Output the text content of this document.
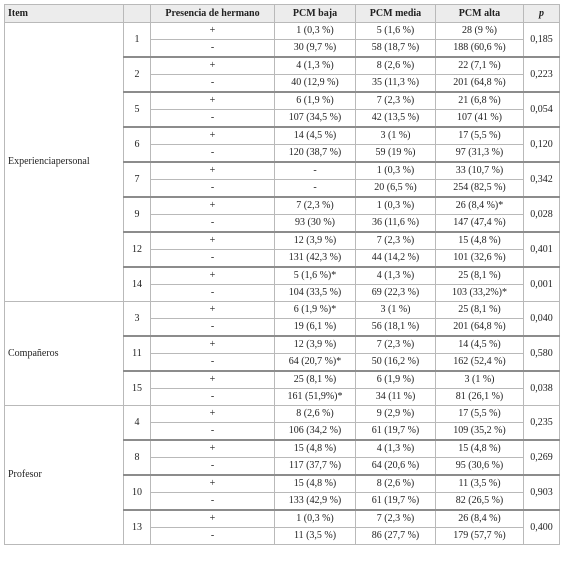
Item		Presencia de hermano	PCM baja	PCM media	PCM alta	p
Experienciapersonal	1	+	1 (0,3 %)	5 (1,6 %)	28 (9 %)	0,185
		-	30 (9,7 %)	58 (18,7 %)	188 (60,6 %)	
	2	+	4 (1,3 %)	8 (2,6 %)	22 (7,1 %)	0,223
		-	40 (12,9 %)	35 (11,3 %)	201 (64,8 %)	
	5	+	6 (1,9 %)	7 (2,3 %)	21 (6,8 %)	0,054
		-	107 (34,5 %)	42 (13,5 %)	107 (41 %)	
	6	+	14 (4,5 %)	3 (1 %)	17 (5,5 %)	0,120
		-	120 (38,7 %)	59 (19 %)	97 (31,3 %)	
	7	+	-	1 (0,3 %)	33 (10,7 %)	0,342
		-	-	20 (6,5 %)	254 (82,5 %)	
	9	+	7 (2,3 %)	1 (0,3 %)	26 (8,4 %)*	0,028
		-	93 (30 %)	36 (11,6 %)	147 (47,4 %)	
	12	+	12 (3,9 %)	7 (2,3 %)	15 (4,8 %)	0,401
		-	131 (42,3 %)	44 (14,2 %)	101 (32,6 %)	
	14	+	5 (1,6 %)*	4 (1,3 %)	25 (8,1 %)	0,001
		-	104 (33,5 %)	69 (22,3 %)	103 (33,2%)*	
Compañeros	3	+	6 (1,9 %)*	3 (1 %)	25 (8,1 %)	0,040
		-	19 (6,1 %)	56 (18,1 %)	201 (64,8 %)	
	11	+	12 (3,9 %)	7 (2,3 %)	14 (4,5 %)	0,580
		-	64 (20,7 %)*	50 (16,2 %)	162 (52,4 %)	
	15	+	25 (8,1 %)	6 (1,9 %)	3 (1 %)	0,038
		-	161 (51,9%)*	34 (11 %)	81 (26,1 %)	
Profesor	4	+	8 (2,6 %)	9 (2,9 %)	17 (5,5 %)	0,235
		-	106 (34,2 %)	61 (19,7 %)	109 (35,2 %)	
	8	+	15 (4,8 %)	4 (1,3 %)	15 (4,8 %)	0,269
		-	117 (37,7 %)	64 (20,6 %)	95 (30,6 %)	
	10	+	15 (4,8 %)	8 (2,6 %)	11 (3,5 %)	0,903
		-	133 (42,9 %)	61 (19,7 %)	82 (26,5 %)	
	13	+	1 (0,3 %)	7 (2,3 %)	26 (8,4 %)	0,400
		-	11 (3,5 %)	86 (27,7 %)	179 (57,7 %)	
